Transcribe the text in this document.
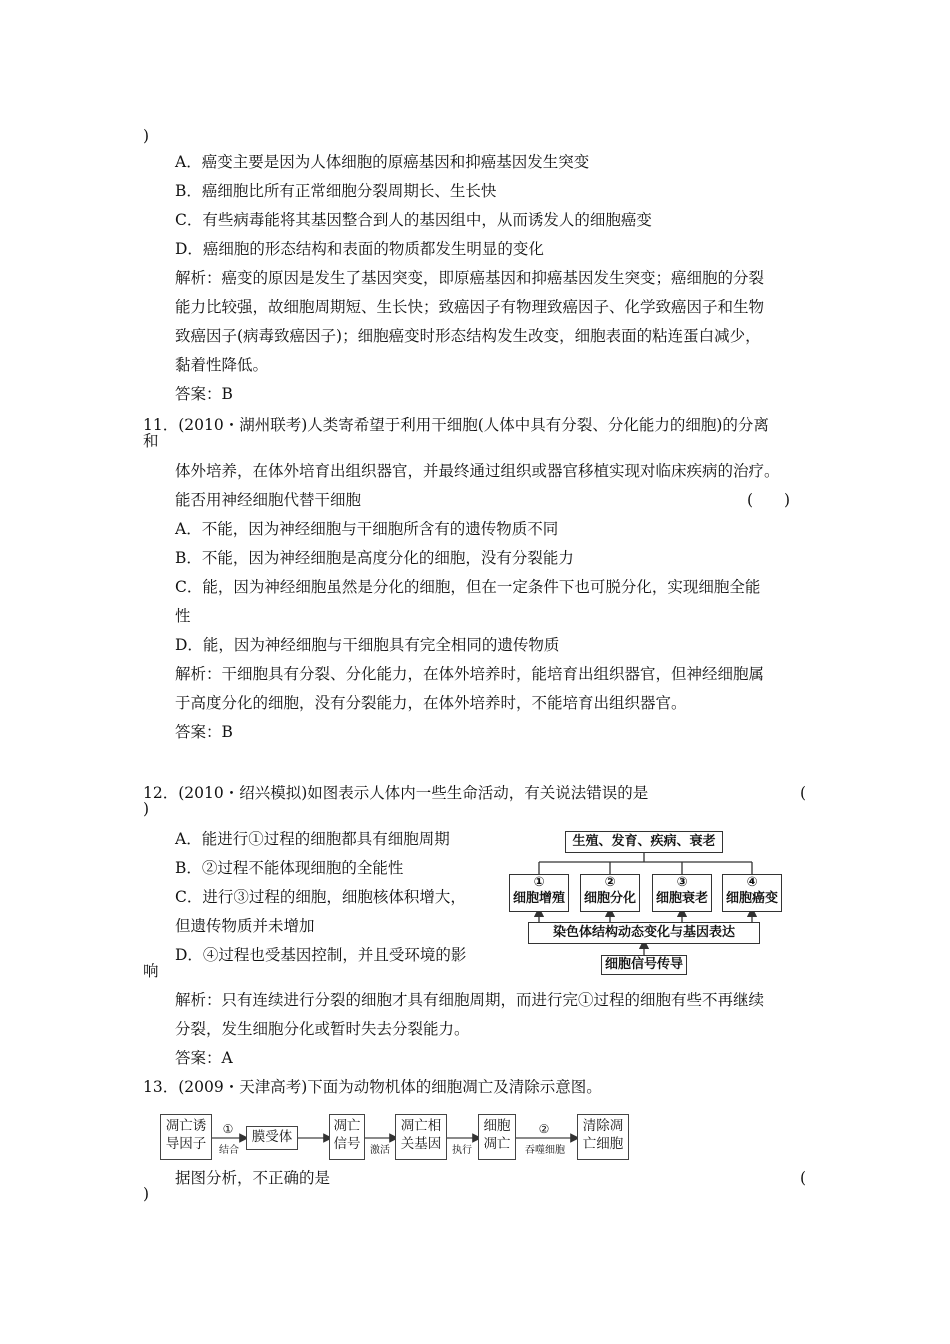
)
A．癌变主要是因为人体细胞的原癌基因和抑癌基因发生突变
B．癌细胞比所有正常细胞分裂周期长、生长快
C．有些病毒能将其基因整合到人的基因组中，从而诱发人的细胞癌变
D．癌细胞的形态结构和表面的物质都发生明显的变化
解析：癌变的原因是发生了基因突变，即原癌基因和抑癌基因发生突变；癌细胞的分裂
能力比较强，故细胞周期短、生长快；致癌因子有物理致癌因子、化学致癌因子和生物
致癌因子(病毒致癌因子)；细胞癌变时形态结构发生改变，细胞表面的粘连蛋白减少，
黏着性降低。
答案：B
11．(2010・湖州联考)人类寄希望于利用干细胞(人体中具有分裂、分化能力的细胞)的分离
和
体外培养，在体外培育出组织器官，并最终通过组织或器官移植实现对临床疾病的治疗。
能否用神经细胞代替干细胞	(　　)
A．不能，因为神经细胞与干细胞所含有的遗传物质不同
B．不能，因为神经细胞是高度分化的细胞，没有分裂能力
C．能，因为神经细胞虽然是分化的细胞，但在一定条件下也可脱分化，实现细胞全能
性
D．能，因为神经细胞与干细胞具有完全相同的遗传物质
解析：干细胞具有分裂、分化能力，在体外培养时，能培育出组织器官，但神经细胞属
于高度分化的细胞，没有分裂能力，在体外培养时，不能培育出组织器官。
答案：B
12．(2010・绍兴模拟)如图表示人体内一些生命活动，有关说法错误的是	(
)
A．能进行①过程的细胞都具有细胞周期
B．②过程不能体现细胞的全能性
C．进行③过程的细胞，细胞核体积增大，
但遗传物质并未增加
D．④过程也受基因控制，并且受环境的影
响
生殖、发育、疾病、衰老
①
细胞增殖
②
细胞分化
③
细胞衰老
④
细胞癌变
染色体结构动态变化与基因表达
细胞信号传导
解析：只有连续进行分裂的细胞才具有细胞周期，而进行完①过程的细胞有些不再继续
分裂，发生细胞分化或暂时失去分裂能力。
答案：A
13．(2009・天津高考)下面为动物机体的细胞凋亡及清除示意图。
凋亡诱
导因子
①
结合
膜受体
凋亡
信号 激活
凋亡相
关基因	执行
细胞
凋亡
②
吞噬细胞
清除凋
亡细胞
据图分析，不正确的是	(
)
